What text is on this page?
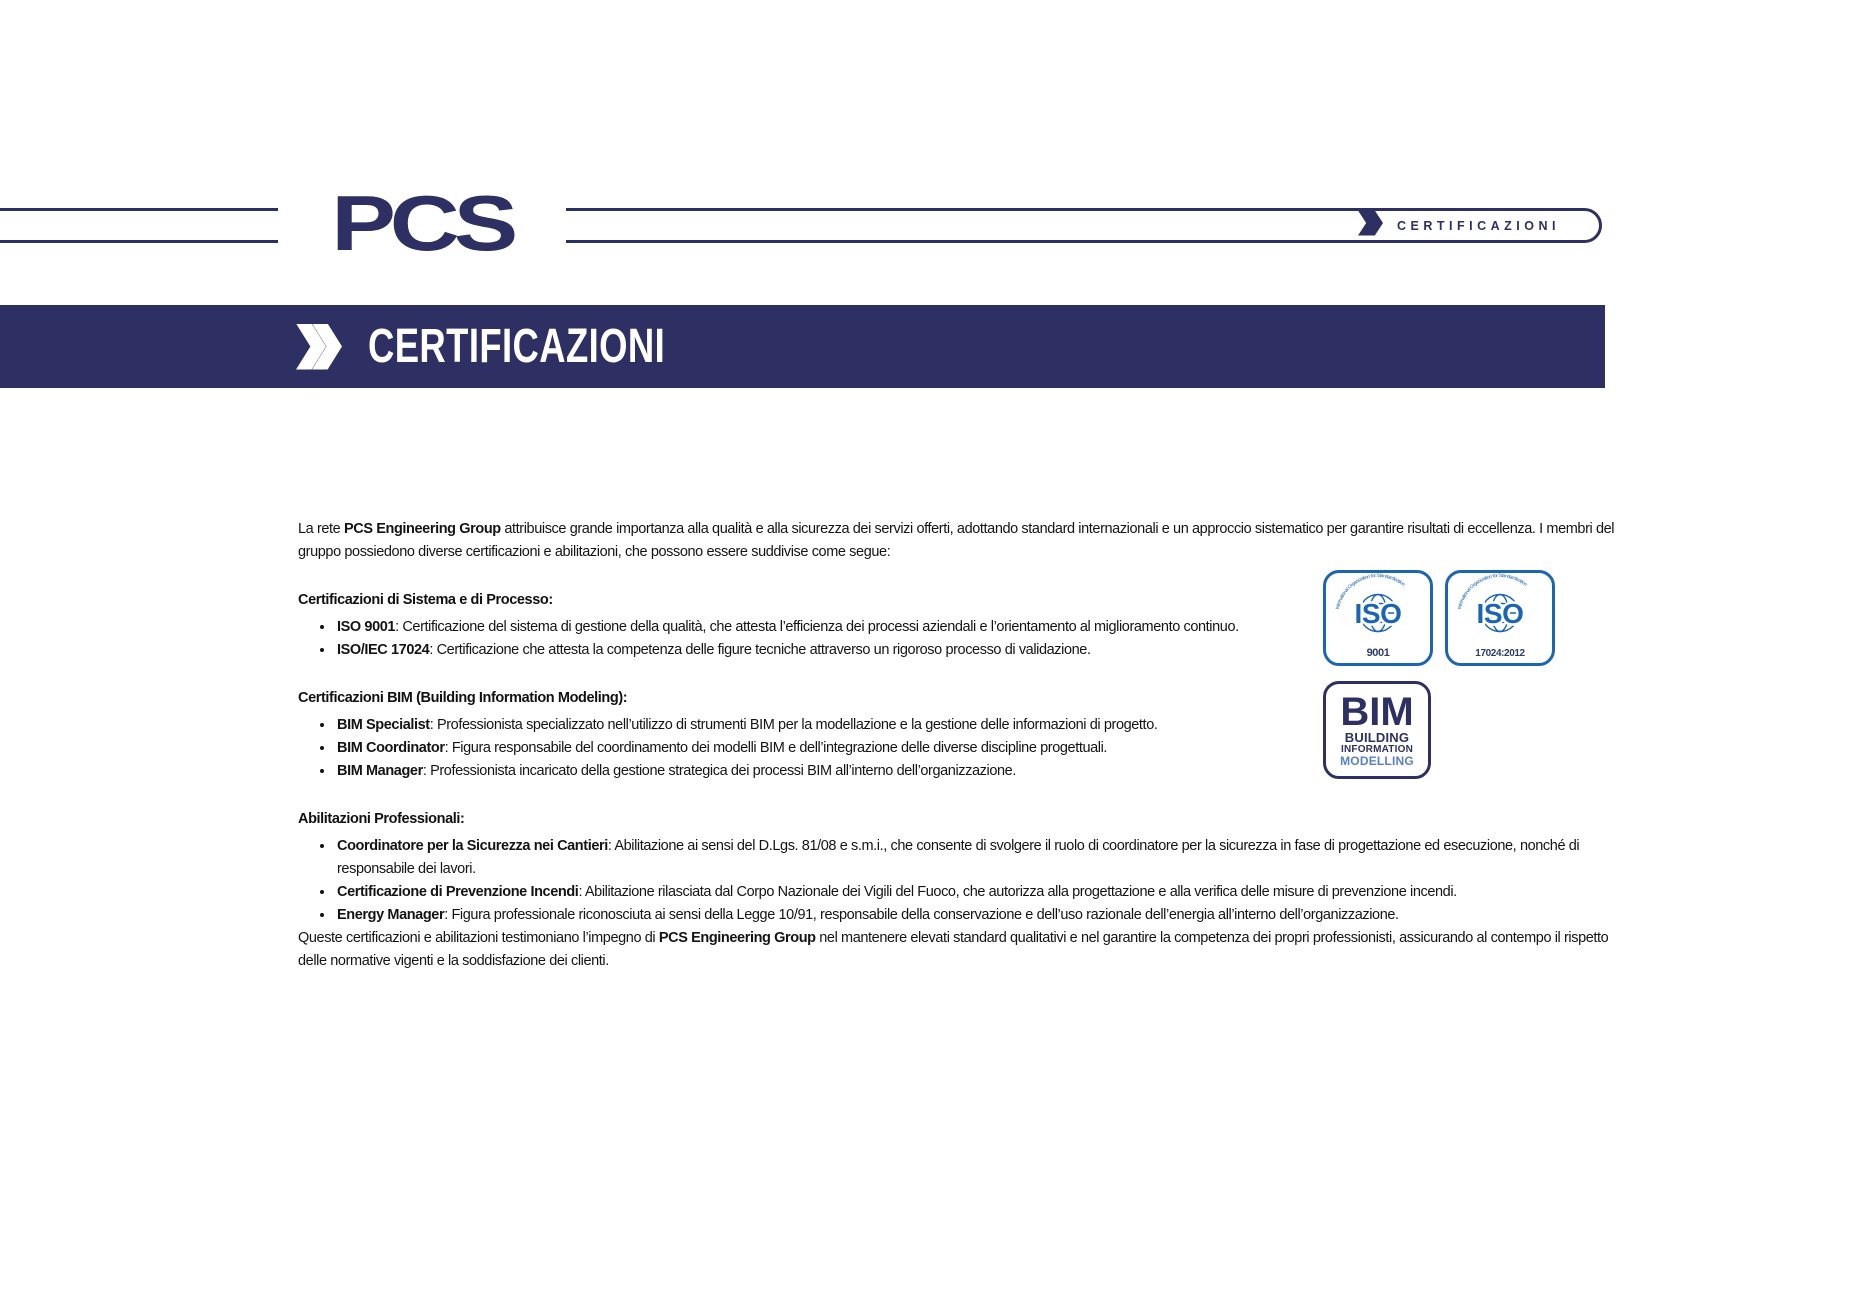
PCS	CERTIFICAZIONI
CERTIFICAZIONI

La rete PCS Engineering Group attribuisce grande importanza alla qualità e alla sicurezza dei servizi offerti, adottando standard internazionali e un approccio sistematico per garantire risultati di eccellenza. I membri del gruppo possiedono diverse certificazioni e abilitazioni, che possono essere suddivise come segue:

International Organization for Standardization
ISO
9001
International Organization for Standardization
ISO
17024:2012
BIM
BUILDING
INFORMATION
MODELLING
Certificazioni di Sistema e di Processo:
• ISO 9001: Certificazione del sistema di gestione della qualità, che attesta l’efficienza dei processi aziendali e l’orientamento al miglioramento continuo.
• ISO/IEC 17024: Certificazione che attesta la competenza delle figure tecniche attraverso un rigoroso processo di validazione.
Certificazioni BIM (Building Information Modeling):
• BIM Specialist: Professionista specializzato nell’utilizzo di strumenti BIM per la modellazione e la gestione delle informazioni di progetto.
• BIM Coordinator: Figura responsabile del coordinamento dei modelli BIM e dell’integrazione delle diverse discipline progettuali.
• BIM Manager: Professionista incaricato della gestione strategica dei processi BIM all’interno dell’organizzazione.
Abilitazioni Professionali:
• Coordinatore per la Sicurezza nei Cantieri: Abilitazione ai sensi del D.Lgs. 81/08 e s.m.i., che consente di svolgere il ruolo di coordinatore per la sicurezza in fase di progettazione ed esecuzione, nonché di responsabile dei lavori.
• Certificazione di Prevenzione Incendi: Abilitazione rilasciata dal Corpo Nazionale dei Vigili del Fuoco, che autorizza alla progettazione e alla verifica delle misure di prevenzione incendi.
• Energy Manager: Figura professionale riconosciuta ai sensi della Legge 10/91, responsabile della conservazione e dell’uso razionale dell’energia all’interno dell’organizzazione.

Queste certificazioni e abilitazioni testimoniano l’impegno di PCS Engineering Group nel mantenere elevati standard qualitativi e nel garantire la competenza dei propri professionisti, assicurando al contempo il rispetto delle normative vigenti e la soddisfazione dei clienti.
